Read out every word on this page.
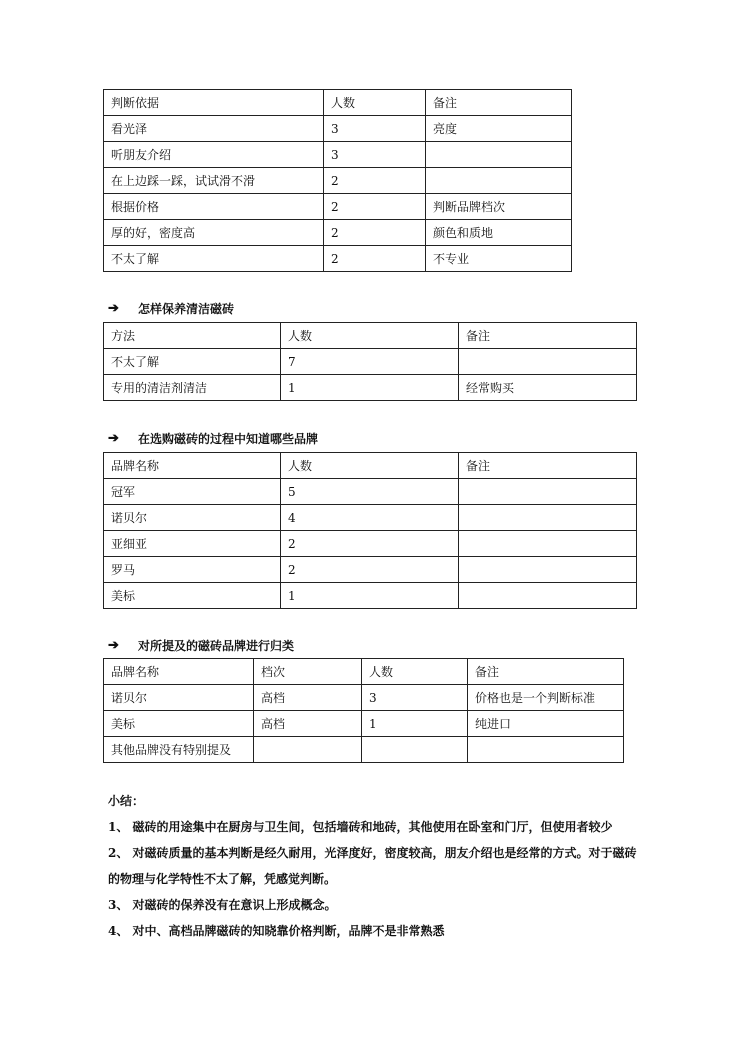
判断依据	人数	备注
看光泽	3	亮度
听朋友介绍	3	
在上边踩一踩，试试滑不滑	2	
根据价格	2	判断品牌档次
厚的好，密度高	2	颜色和质地
不太了解	2	不专业
➔	怎样保养清洁磁砖
方法	人数	备注
不太了解	7	
专用的清洁剂清洁	1	经常购买
➔	在选购磁砖的过程中知道哪些品牌
品牌名称	人数	备注
冠军	5	
诺贝尔	4	
亚细亚	2	
罗马	2	
美标	1	
➔	对所提及的磁砖品牌进行归类
品牌名称	档次	人数	备注
诺贝尔	高档	3	价格也是一个判断标准
美标	高档	1	纯进口
其他品牌没有特别提及			

小结：

1、 磁砖的用途集中在厨房与卫生间，包括墙砖和地砖，其他使用在卧室和门厅，但使用者较少

2、 对磁砖质量的基本判断是经久耐用，光泽度好，密度较高，朋友介绍也是经常的方式。对于磁砖的物理与化学特性不太了解，凭感觉判断。

3、 对磁砖的保养没有在意识上形成概念。

4、 对中、高档品牌磁砖的知晓靠价格判断，品牌不是非常熟悉
